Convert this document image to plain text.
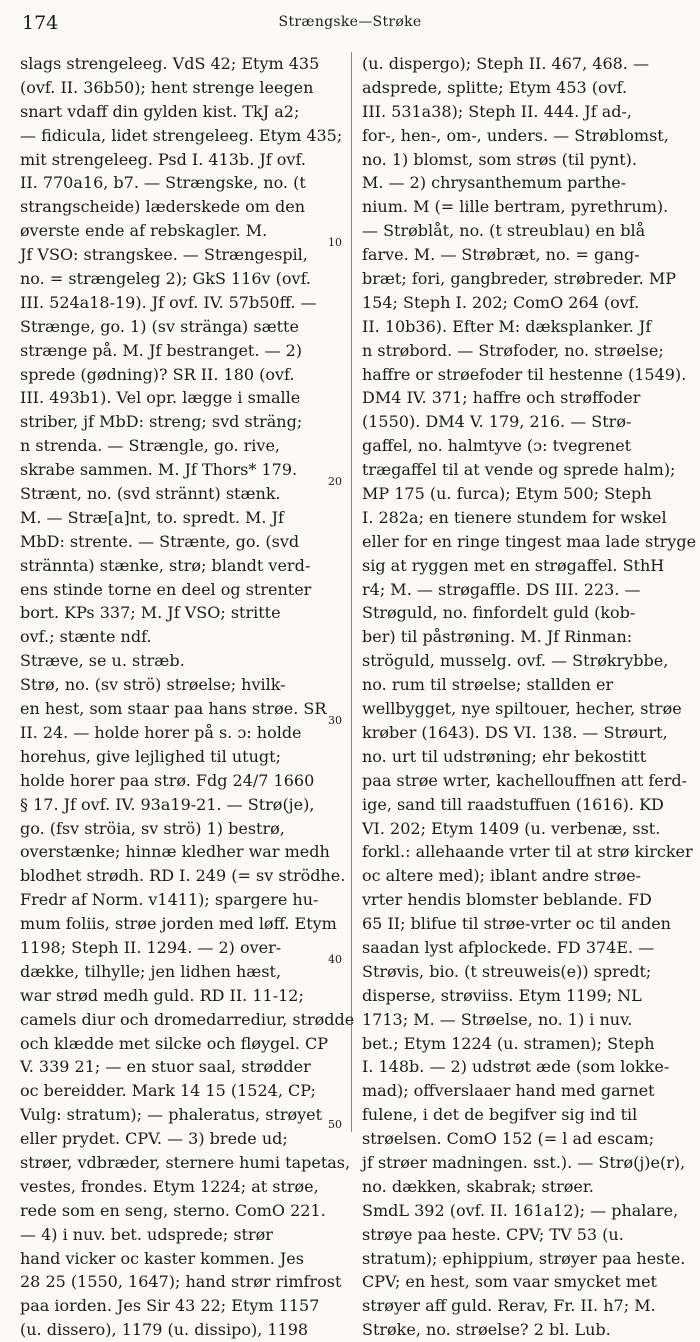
174	Strængske—Strøke
slags strengeleeg. VdS 42; Etym 435
(ovf. II. 36b50); hent strenge leegen
snart vdaff din gylden kist. TkJ a2;
— fidicula, lidet strengeleeg. Etym 435;
mit strengeleeg. Psd I. 413b. Jf ovf.
II. 770a16, b7. — Strængske, no. (t
strangscheide) læderskede om den
øverste ende af rebskagler. M.
Jf VSO: strangskee. — Strængespil,
no. = strængeleg 2); GkS 116v (ovf.
III. 524a18-19). Jf ovf. IV. 57b50ff. —
Strænge, go. 1) (sv stränga) sætte
strænge på. M. Jf bestranget. — 2)
sprede (gødning)? SR II. 180 (ovf.
III. 493b1). Vel opr. lægge i smalle
striber, jf MbD: streng; svd sträng;
n strenda. — Strængle, go. rive,
skrabe sammen. M. Jf Thors* 179.
Strænt, no. (svd strännt) stænk.
M. — Stræ[a]nt, to. spredt. M. Jf
MbD: strente. — Strænte, go. (svd
strännta) stænke, strø; blandt verd-
ens stinde torne en deel og strenter
bort. KPs 337; M. Jf VSO; stritte
ovf.; stænte ndf.
Stræve, se u. stræb.
Strø, no. (sv strö) strøelse; hvilk-
en hest, som staar paa hans strøe. SR
II. 24. — holde horer på s. ɔ: holde
horehus, give lejlighed til utugt;
holde horer paa strø. Fdg 24/7 1660
§ 17. Jf ovf. IV. 93a19-21. — Strø(je),
go. (fsv ströia, sv strö) 1) bestrø,
overstænke; hinnæ kledher war medh
blodhet strødh. RD I. 249 (= sv strödhe.
Fredr af Norm. v1411); spargere hu-
mum foliis, strøe jorden med løff. Etym
1198; Steph II. 1294. — 2) over-
dække, tilhylle; jen lidhen hæst,
war strød medh guld. RD II. 11-12;
camels diur och dromedarrediur, strødde
och klædde met silcke och fløygel. CP
V. 339 21; — en stuor saal, strødder
oc bereidder. Mark 14 15 (1524, CP;
Vulg: stratum); — phaleratus, strøyet
eller prydet. CPV. — 3) brede ud;
strøer, vdbræder, sternere humi tapetas,
vestes, frondes. Etym 1224; at strøe,
rede som en seng, sterno. ComO 221.
— 4) i nuv. bet. udsprede; strør
hand vicker oc kaster kommen. Jes
28 25 (1550, 1647); hand strør rimfrost
paa iorden. Jes Sir 43 22; Etym 1157
(u. dissero), 1179 (u. dissipo), 1198
(u. dispergo); Steph II. 467, 468. —
adsprede, splitte; Etym 453 (ovf.
III. 531a38); Steph II. 444. Jf ad-,
for-, hen-, om-, unders. — Strøblomst,
no. 1) blomst, som strøs (til pynt).
M. — 2) chrysanthemum parthe-
nium. M (= lille bertram, pyrethrum).
— Strøblåt, no. (t streublau) en blå
farve. M. — Strøbræt, no. = gang-
bræt; fori, gangbreder, strøbreder. MP
154; Steph I. 202; ComO 264 (ovf.
II. 10b36). Efter M: dæksplanker. Jf
n strøbord. — Strøfoder, no. strøelse;
haffre or strøefoder til hestenne (1549).
DM4 IV. 371; haffre och strøffoder
(1550). DM4 V. 179, 216. — Strø-
gaffel, no. halmtyve (ɔ: tvegrenet
trægaffel til at vende og sprede halm);
MP 175 (u. furca); Etym 500; Steph
I. 282a; en tienere stundem for wskel
eller for en ringe tingest maa lade stryge
sig at ryggen met en strøgaffel. SthH
r4; M. — strøgaffle. DS III. 223. —
Strøguld, no. finfordelt guld (kob-
ber) til påstrøning. M. Jf Rinman:
ströguld, musselg. ovf. — Strøkrybbe,
no. rum til strøelse; stallden er
wellbygget, nye spiltouer, hecher, strøe
krøber (1643). DS VI. 138. — Strøurt,
no. urt til udstrøning; ehr bekostitt
paa strøe wrter, kachellouffnen att ferd-
ige, sand till raadstuffuen (1616). KD
VI. 202; Etym 1409 (u. verbenæ, sst.
forkl.: allehaande vrter til at strø kircker
oc altere med); iblant andre strøe-
vrter hendis blomster beblande. FD
65 II; blifue til strøe-vrter oc til anden
saadan lyst afplockede. FD 374E. —
Strøvis, bio. (t streuweis(e)) spredt;
disperse, strøviiss. Etym 1199; NL
1713; M. — Strøelse, no. 1) i nuv.
bet.; Etym 1224 (u. stramen); Steph
I. 148b. — 2) udstrøt æde (som lokke-
mad); offverslaaer hand med garnet
fulene, i det de begifver sig ind til
strøelsen. ComO 152 (= l ad escam;
jf strøer madningen. sst.). — Strø(j)e(r),
no. dækken, skabrak; strøer.
SmdL 392 (ovf. II. 161a12); — phalare,
strøye paa heste. CPV; TV 53 (u.
stratum); ephippium, strøyer paa heste.
CPV; en hest, som vaar smycket met
strøyer aff guld. Rerav, Fr. II. h7; M.
Strøke, no. strøelse? 2 bl. Lub.
10
20
30
40
50
